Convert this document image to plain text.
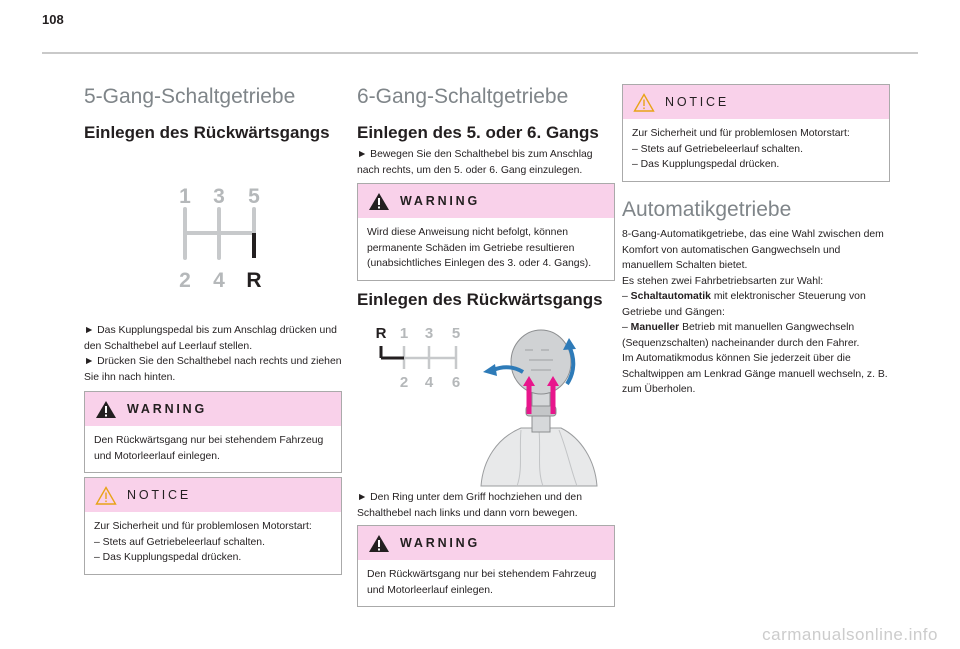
108
5-Gang-Schaltgetriebe
Einlegen des Rückwärtsgangs
1 3 5
2 4 R

► Das Kupplungspedal bis zum Anschlag drücken und den Schalthebel auf Leerlauf stellen.

► Drücken Sie den Schalthebel nach rechts und ziehen Sie ihn nach hinten.

WARNING

Den Rückwärtsgang nur bei stehendem Fahrzeug und Motorleerlauf einlegen.

NOTICE

Zur Sicherheit und für problemlosen Motorstart:

– Stets auf Getriebeleerlauf schalten.

– Das Kupplungspedal drücken.

6-Gang-Schaltgetriebe
Einlegen des 5. oder 6. Gangs

► Bewegen Sie den Schalthebel bis zum Anschlag nach rechts, um den 5. oder 6. Gang einzulegen.

WARNING

Wird diese Anweisung nicht befolgt, können permanente Schäden im Getriebe resultieren (unabsichtliches Einlegen des 3. oder 4. Gangs).

Einlegen des Rückwärtsgangs
R 1 3 5
2 4 6

► Den Ring unter dem Griff hochziehen und den Schalthebel nach links und dann vorn bewegen.

WARNING

Den Rückwärtsgang nur bei stehendem Fahrzeug und Motorleerlauf einlegen.

NOTICE

Zur Sicherheit und für problemlosen Motorstart:

– Stets auf Getriebeleerlauf schalten.

– Das Kupplungspedal drücken.

Automatikgetriebe

8-Gang-Automatikgetriebe, das eine Wahl zwischen dem Komfort von automatischen Gangwechseln und manuellem Schalten bietet.

Es stehen zwei Fahrbetriebsarten zur Wahl:

– Schaltautomatik mit elektronischer Steuerung von Getriebe und Gängen:

– Manueller Betrieb mit manuellen Gangwechseln (Sequenzschalten) nacheinander durch den Fahrer.

Im Automatikmodus können Sie jederzeit über die Schaltwippen am Lenkrad Gänge manuell wechseln, z. B. zum Überholen.

carmanualsonline.info
